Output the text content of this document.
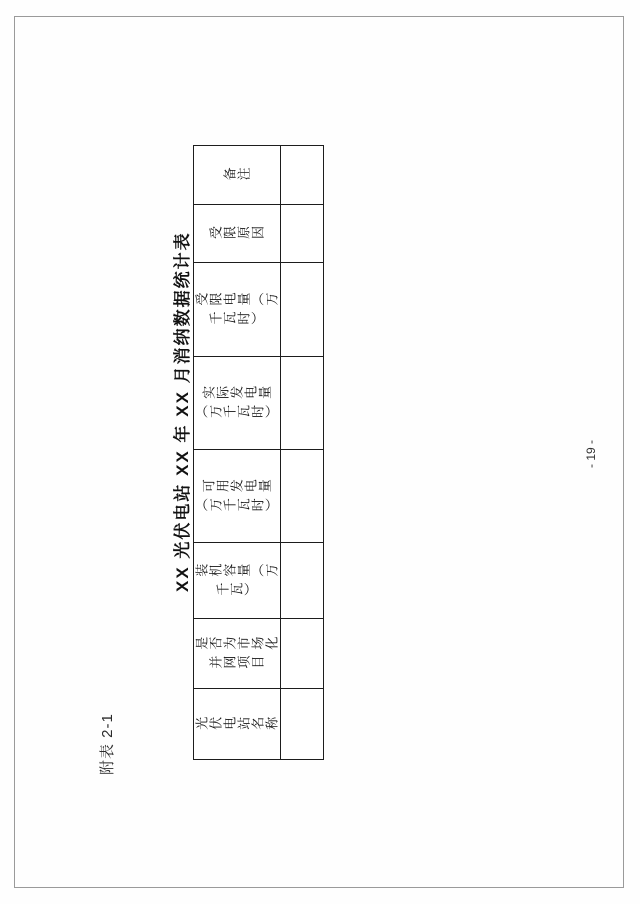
附表 2-1
XX 光伏电站 XX 年 XX 月消纳数据统计表	- 19 -
光伏电站名称	是否为市场化并网项目	装机容量（万千瓦）	可用发电量（万千瓦时）	实际发电量（万千瓦时）	受限电量（万千瓦时）	受限原因	备注
